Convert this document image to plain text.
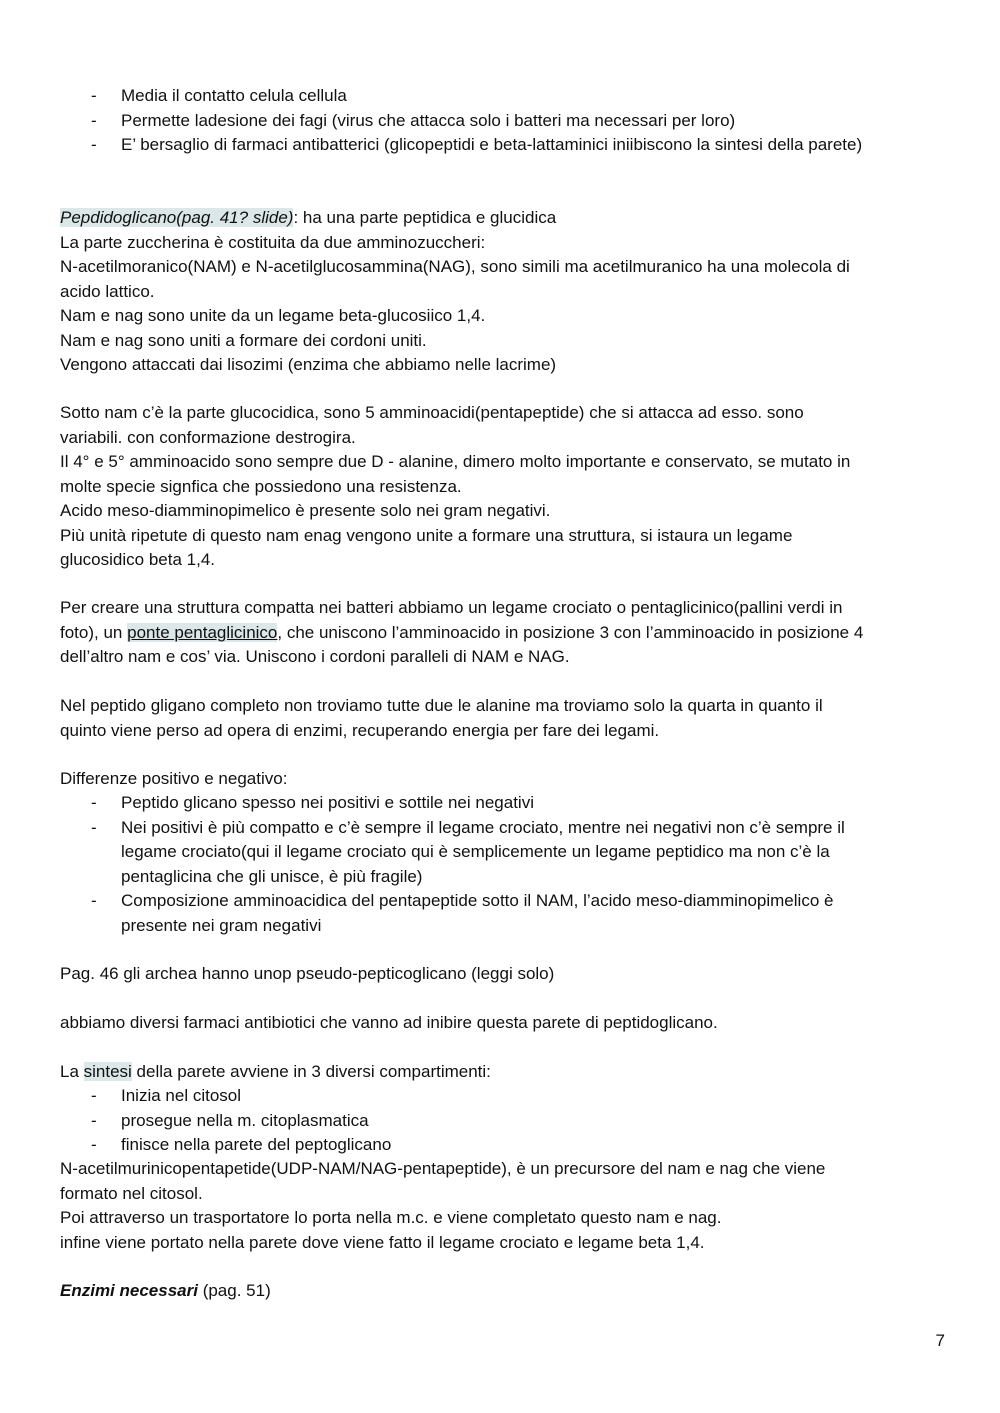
- Media il contatto celula cellula
- Permette ladesione dei fagi (virus che attacca solo i batteri ma necessari per loro)
- E’ bersaglio di farmaci antibatterici (glicopeptidi e beta-lattaminici iniibiscono la sintesi della parete)
Pepdidoglicano(pag. 41? slide): ha una parte peptidica e glucidica
La parte zuccherina è costituita da due amminozuccheri:
N-acetilmoranico(NAM) e N-acetilglucosammina(NAG), sono simili ma acetilmuranico ha una molecola di
acido lattico.
Nam e nag sono unite da un legame beta-glucosiico 1,4.
Nam e nag sono uniti a formare dei cordoni uniti.
Vengono attaccati dai lisozimi (enzima che abbiamo nelle lacrime)
Sotto nam c’è la parte glucocidica, sono 5 amminoacidi(pentapeptide) che si attacca ad esso. sono
variabili. con conformazione destrogira.
Il 4° e 5° amminoacido sono sempre due D - alanine, dimero molto importante e conservato, se mutato in
molte specie signfica che possiedono una resistenza.
Acido meso-diamminopimelico è presente solo nei gram negativi.
Più unità ripetute di questo nam enag vengono unite a formare una struttura, si istaura un legame
glucosidico beta 1,4.
Per creare una struttura compatta nei batteri abbiamo un legame crociato o pentaglicinico(pallini verdi in
foto), un ponte pentaglicinico, che uniscono l’amminoacido in posizione 3 con l’amminoacido in posizione 4
dell’altro nam e cos’ via. Uniscono i cordoni paralleli di NAM e NAG.
Nel peptido gligano completo non troviamo tutte due le alanine ma troviamo solo la quarta in quanto il
quinto viene perso ad opera di enzimi, recuperando energia per fare dei legami.
Differenze positivo e negativo:
- Peptido glicano spesso nei positivi e sottile nei negativi
- Nei positivi è più compatto e c’è sempre il legame crociato, mentre nei negativi non c’è sempre il
legame crociato(qui il legame crociato qui è semplicemente un legame peptidico ma non c’è la
pentaglicina che gli unisce, è più fragile)
- Composizione amminoacidica del pentapeptide sotto il NAM, l’acido meso-diamminopimelico è
presente nei gram negativi
Pag. 46 gli archea hanno unop pseudo-pepticoglicano (leggi solo)
abbiamo diversi farmaci antibiotici che vanno ad inibire questa parete di peptidoglicano.
La sintesi della parete avviene in 3 diversi compartimenti:
- Inizia nel citosol
- prosegue nella m. citoplasmatica
- finisce nella parete del peptoglicano
N-acetilmurinicopentapetide(UDP-NAM/NAG-pentapeptide), è un precursore del nam e nag che viene
formato nel citosol.
Poi attraverso un trasportatore lo porta nella m.c. e viene completato questo nam e nag.
infine viene portato nella parete dove viene fatto il legame crociato e legame beta 1,4.
Enzimi necessari (pag. 51)
7
